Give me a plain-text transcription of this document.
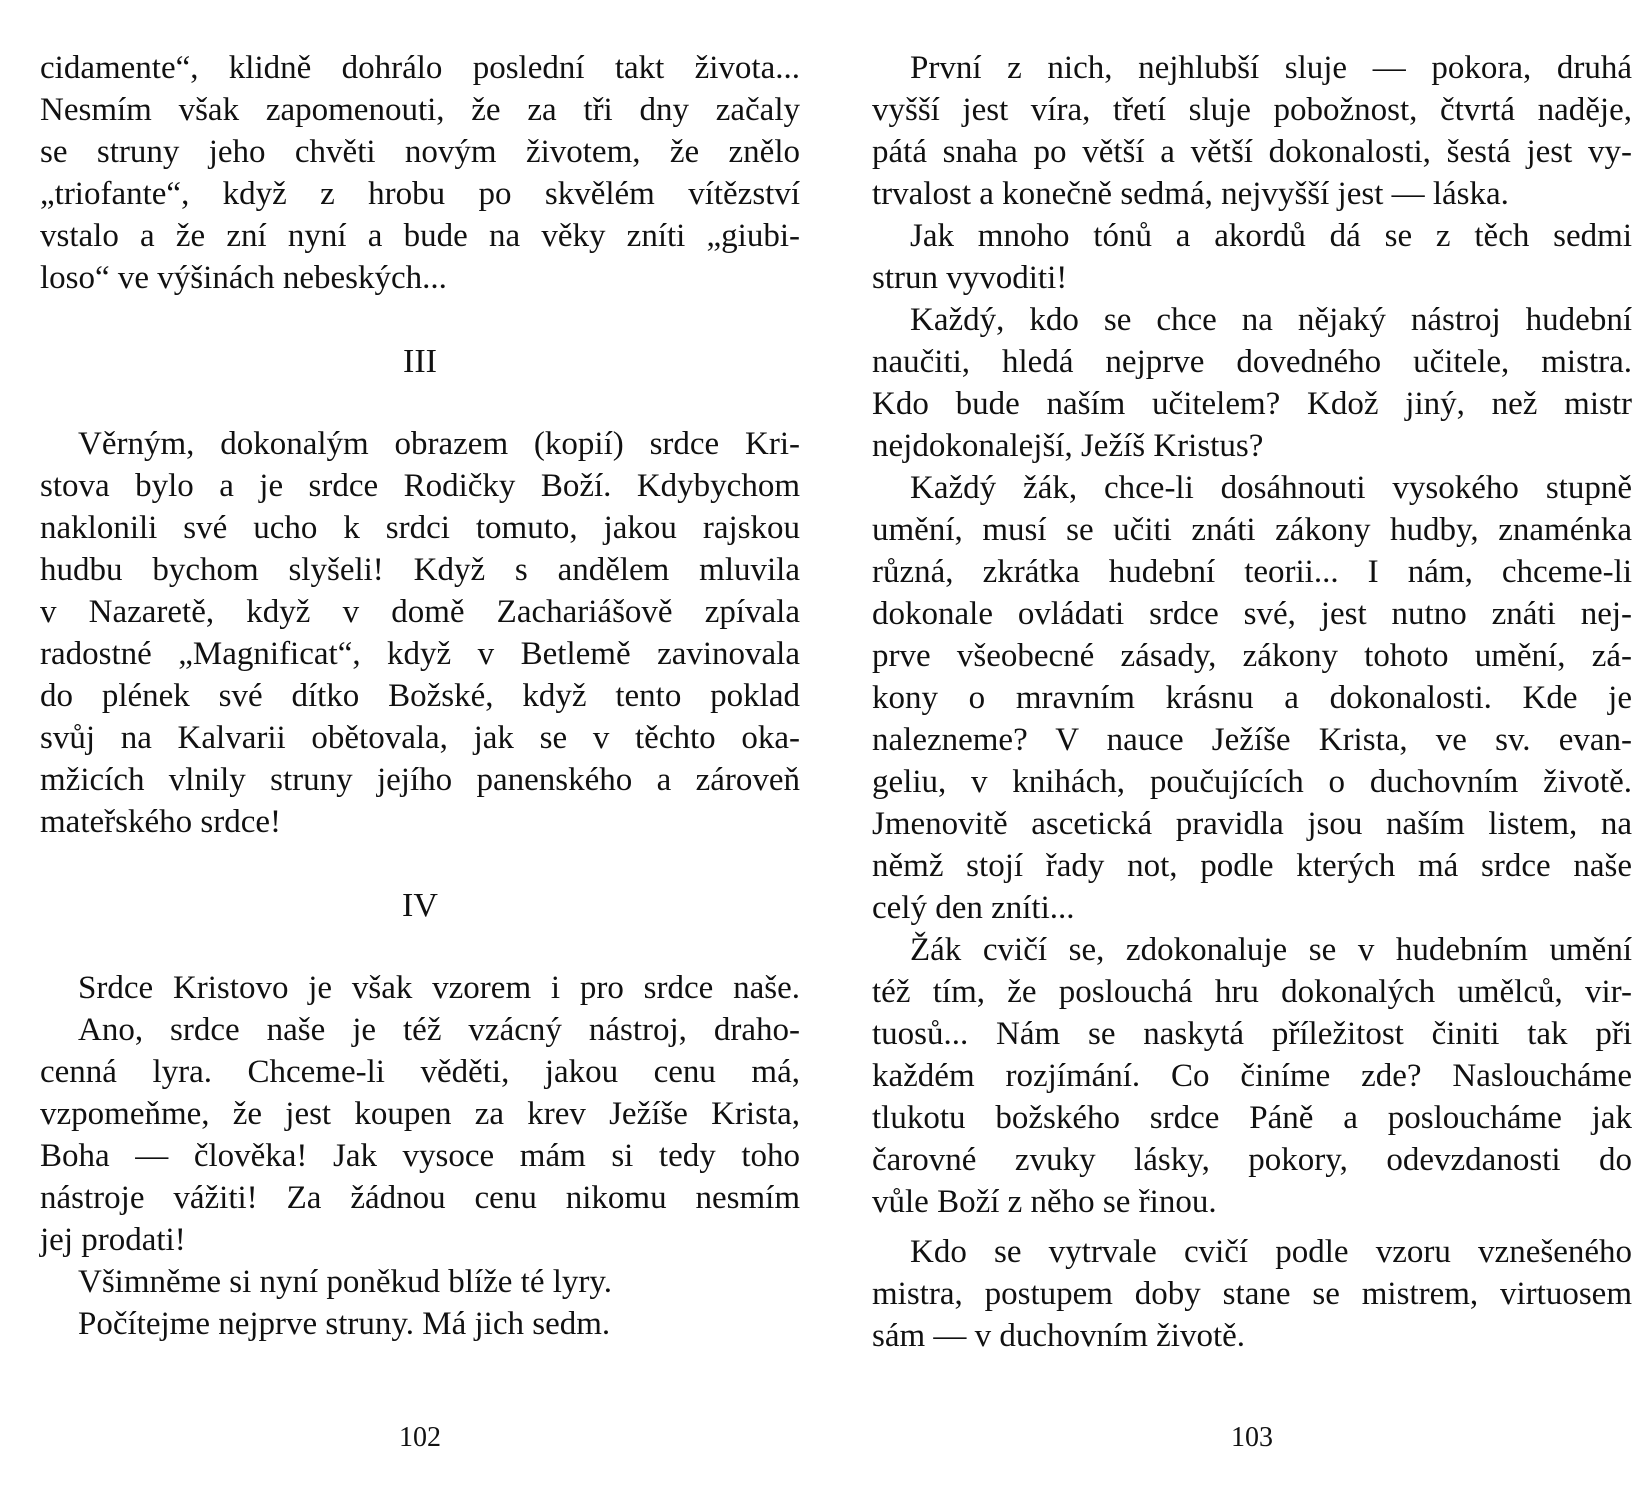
cidamente“, klidně dohrálo poslední takt života...
Nesmím však zapomenouti, že za tři dny začaly
se struny jeho chvěti novým životem, že znělo
„triofante“, když z hrobu po skvělém vítězství
vstalo a že zní nyní a bude na věky zníti „giubi-
loso“ ve výšinách nebeských...
III
Věrným, dokonalým obrazem (kopií) srdce Kri-
stova bylo a je srdce Rodičky Boží. Kdybychom
naklonili své ucho k srdci tomuto, jakou rajskou
hudbu bychom slyšeli! Když s andělem mluvila
v Nazaretě, když v domě Zachariášově zpívala
radostné „Magnificat“, když v Betlemě zavinovala
do plének své dítko Božské, když tento poklad
svůj na Kalvarii obětovala, jak se v těchto oka-
mžicích vlnily struny jejího panenského a zároveň
mateřského srdce!
IV
Srdce Kristovo je však vzorem i pro srdce naše.
Ano, srdce naše je též vzácný nástroj, draho-
cenná lyra. Chceme-li věděti, jakou cenu má,
vzpomeňme, že jest koupen za krev Ježíše Krista,
Boha — člověka! Jak vysoce mám si tedy toho
nástroje vážiti! Za žádnou cenu nikomu nesmím
jej prodati!
Všimněme si nyní poněkud blíže té lyry.
Počítejme nejprve struny. Má jich sedm.
102
První z nich, nejhlubší sluje — pokora, druhá
vyšší jest víra, třetí sluje pobožnost, čtvrtá naděje,
pátá snaha po větší a větší dokonalosti, šestá jest vy-
trvalost a konečně sedmá, nejvyšší jest — láska.
Jak mnoho tónů a akordů dá se z těch sedmi
strun vyvoditi!
Každý, kdo se chce na nějaký nástroj hudební
naučiti, hledá nejprve dovedného učitele, mistra.
Kdo bude naším učitelem? Kdož jiný, než mistr
nejdokonalejší, Ježíš Kristus?
Každý žák, chce-li dosáhnouti vysokého stupně
umění, musí se učiti znáti zákony hudby, znaménka
různá, zkrátka hudební teorii... I nám, chceme-li
dokonale ovládati srdce své, jest nutno znáti nej-
prve všeobecné zásady, zákony tohoto umění, zá-
kony o mravním krásnu a dokonalosti. Kde je
nalezneme? V nauce Ježíše Krista, ve sv. evan-
geliu, v knihách, poučujících o duchovním životě.
Jmenovitě ascetická pravidla jsou naším listem, na
němž stojí řady not, podle kterých má srdce naše
celý den zníti...
Žák cvičí se, zdokonaluje se v hudebním umění
též tím, že poslouchá hru dokonalých umělců, vir-
tuosů... Nám se naskytá příležitost činiti tak při
každém rozjímání. Co činíme zde? Nasloucháme
tlukotu božského srdce Páně a posloucháme jak
čarovné zvuky lásky, pokory, odevzdanosti do
vůle Boží z něho se řinou.
Kdo se vytrvale cvičí podle vzoru vznešeného
mistra, postupem doby stane se mistrem, virtuosem
sám — v duchovním životě.
103
